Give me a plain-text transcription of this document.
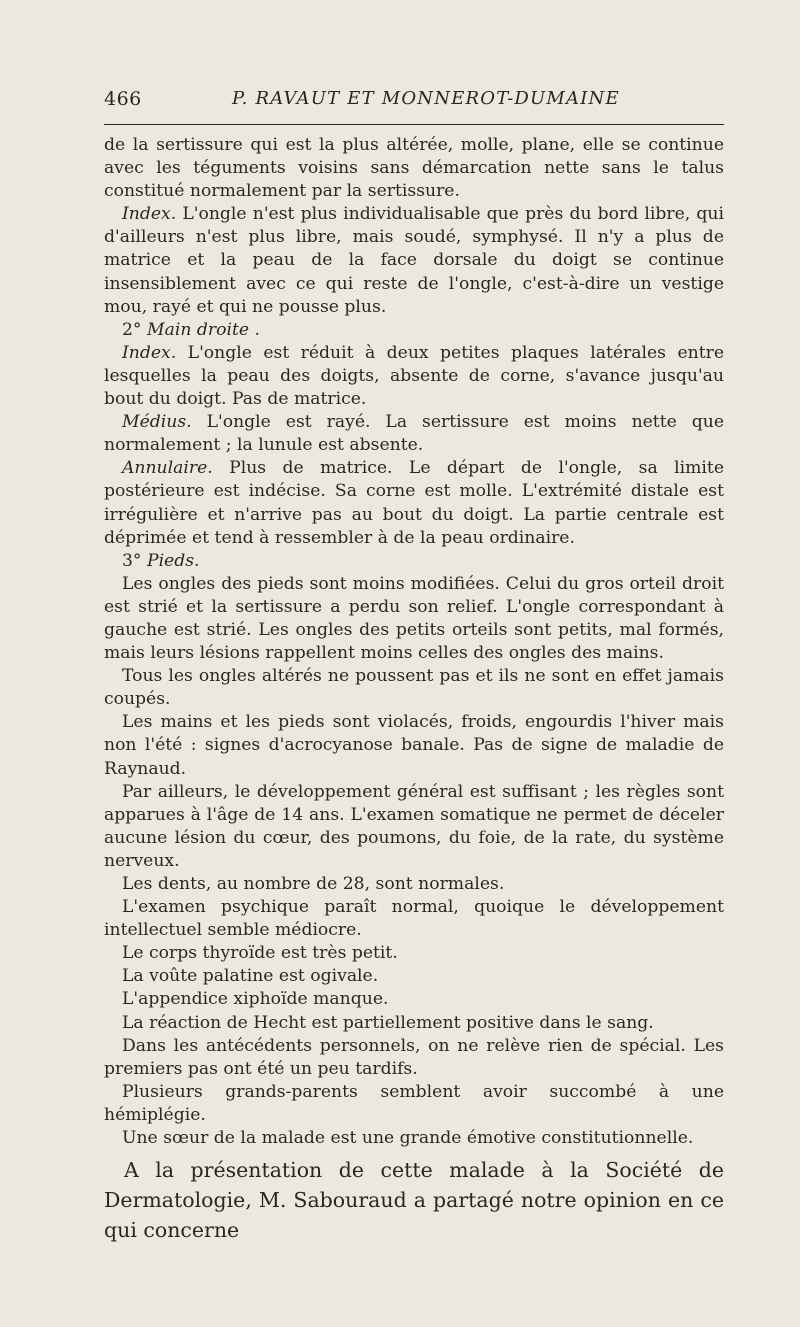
466	P. RAVAUT ET MONNEROT-DUMAINE

de la sertissure qui est la plus altérée, molle, plane, elle se continue avec les téguments voisins sans démarcation nette sans le talus constitué normalement par la sertissure.

Index. L'ongle n'est plus individualisable que près du bord libre, qui d'ailleurs n'est plus libre, mais soudé, symphysé. Il n'y a plus de matrice et la peau de la face dorsale du doigt se continue insensiblement avec ce qui reste de l'ongle, c'est-à-dire un vestige mou, rayé et qui ne pousse plus.

2° Main droite .

Index. L'ongle est réduit à deux petites plaques latérales entre lesquelles la peau des doigts, absente de corne, s'avance jusqu'au bout du doigt. Pas de matrice.

Médius. L'ongle est rayé. La sertissure est moins nette que normalement ; la lunule est absente.

Annulaire. Plus de matrice. Le départ de l'ongle, sa limite postérieure est indécise. Sa corne est molle. L'extrémité distale est irrégulière et n'arrive pas au bout du doigt. La partie centrale est déprimée et tend à ressembler à de la peau ordinaire.

3° Pieds.

Les ongles des pieds sont moins modifiées. Celui du gros orteil droit est strié et la sertissure a perdu son relief. L'ongle correspondant à gauche est strié. Les ongles des petits orteils sont petits, mal formés, mais leurs lésions rappellent moins celles des ongles des mains.

Tous les ongles altérés ne poussent pas et ils ne sont en effet jamais coupés.

Les mains et les pieds sont violacés, froids, engourdis l'hiver mais non l'été : signes d'acrocyanose banale. Pas de signe de maladie de Raynaud.

Par ailleurs, le développement général est suffisant ; les règles sont apparues à l'âge de 14 ans. L'examen somatique ne permet de déceler aucune lésion du cœur, des poumons, du foie, de la rate, du système nerveux.

Les dents, au nombre de 28, sont normales.

L'examen psychique paraît normal, quoique le développement intellectuel semble médiocre.

Le corps thyroïde est très petit.

La voûte palatine est ogivale.

L'appendice xiphoïde manque.

La réaction de Hecht est partiellement positive dans le sang.

Dans les antécédents personnels, on ne relève rien de spécial. Les premiers pas ont été un peu tardifs.

Plusieurs grands-parents semblent avoir succombé à une hémiplégie.

Une sœur de la malade est une grande émotive constitutionnelle.

A la présentation de cette malade à la Société de Dermatologie, M. Sabouraud a partagé notre opinion en ce qui concerne
